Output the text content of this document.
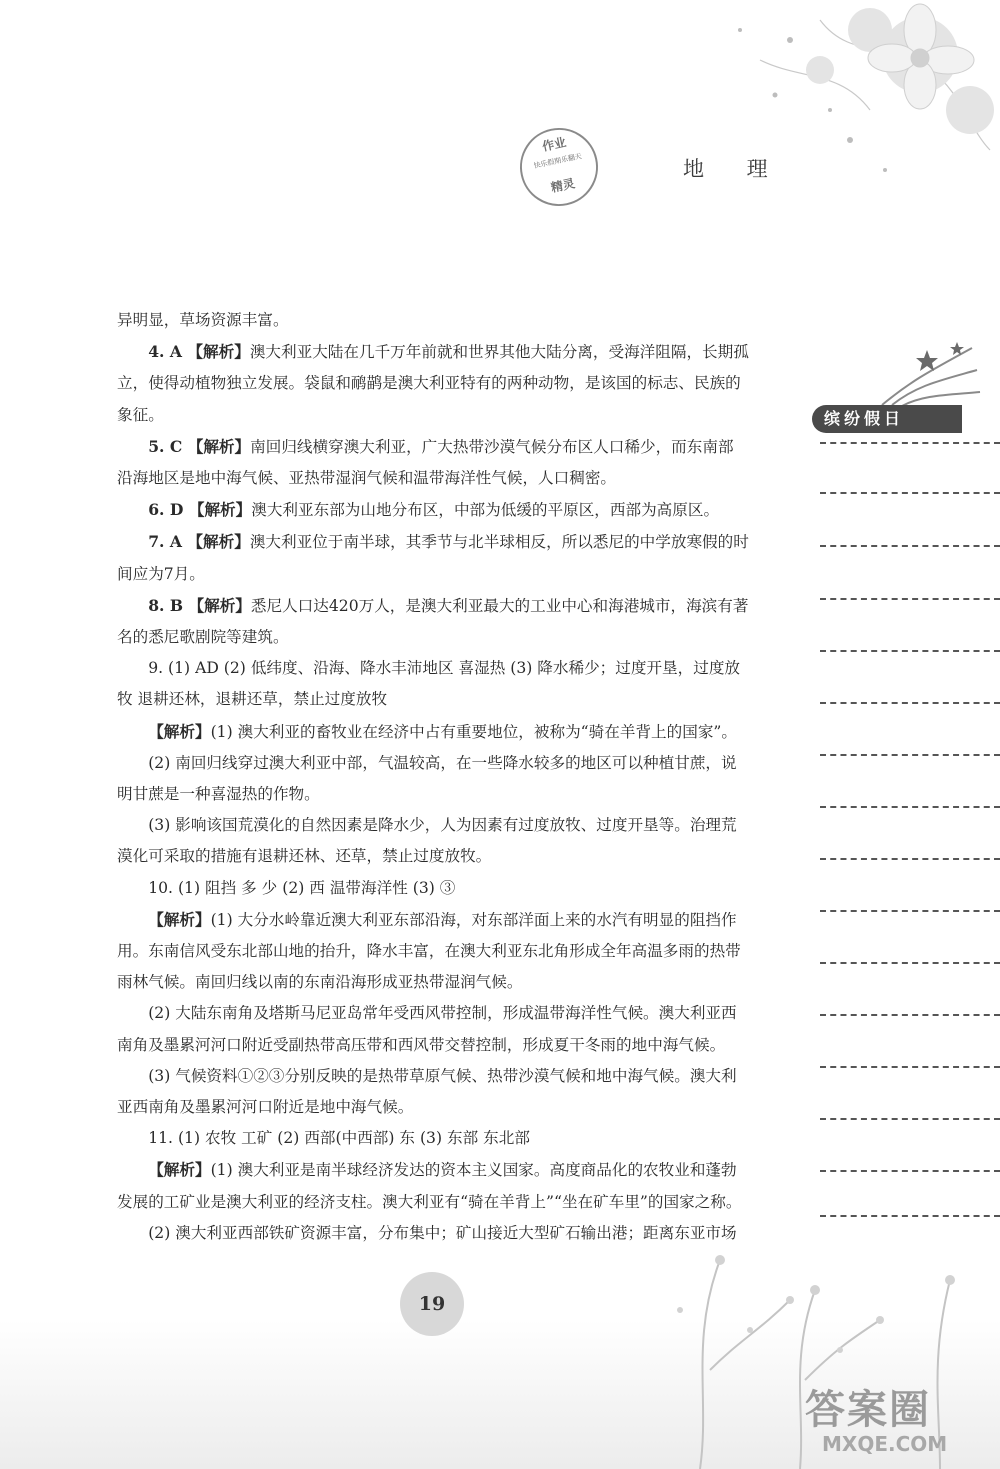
作业
快乐假期乐翻天
精灵
地 理
缤纷假日

异明显，草场资源丰富。

4. A 【解析】澳大利亚大陆在几千万年前就和世界其他大陆分离，受海洋阻隔，长期孤立，使得动植物独立发展。袋鼠和鸸鹋是澳大利亚特有的两种动物，是该国的标志、民族的象征。

5. C 【解析】南回归线横穿澳大利亚，广大热带沙漠气候分布区人口稀少，而东南部沿海地区是地中海气候、亚热带湿润气候和温带海洋性气候，人口稠密。

6. D 【解析】澳大利亚东部为山地分布区，中部为低缓的平原区，西部为高原区。

7. A 【解析】澳大利亚位于南半球，其季节与北半球相反，所以悉尼的中学放寒假的时间应为7月。

8. B 【解析】悉尼人口达420万人，是澳大利亚最大的工业中心和海港城市，海滨有著名的悉尼歌剧院等建筑。

9. (1) AD (2) 低纬度、沿海、降水丰沛地区 喜湿热 (3) 降水稀少；过度开垦，过度放牧 退耕还林，退耕还草，禁止过度放牧

【解析】(1) 澳大利亚的畜牧业在经济中占有重要地位，被称为“骑在羊背上的国家”。

(2) 南回归线穿过澳大利亚中部，气温较高，在一些降水较多的地区可以种植甘蔗，说明甘蔗是一种喜湿热的作物。

(3) 影响该国荒漠化的自然因素是降水少，人为因素有过度放牧、过度开垦等。治理荒漠化可采取的措施有退耕还林、还草，禁止过度放牧。

10. (1) 阻挡 多 少 (2) 西 温带海洋性 (3) ③

【解析】(1) 大分水岭靠近澳大利亚东部沿海，对东部洋面上来的水汽有明显的阻挡作用。东南信风受东北部山地的抬升，降水丰富，在澳大利亚东北角形成全年高温多雨的热带雨林气候。南回归线以南的东南沿海形成亚热带湿润气候。

(2) 大陆东南角及塔斯马尼亚岛常年受西风带控制，形成温带海洋性气候。澳大利亚西南角及墨累河河口附近受副热带高压带和西风带交替控制，形成夏干冬雨的地中海气候。

(3) 气候资料①②③分别反映的是热带草原气候、热带沙漠气候和地中海气候。澳大利亚西南角及墨累河河口附近是地中海气候。

11. (1) 农牧 工矿 (2) 西部(中西部) 东 (3) 东部 东北部

【解析】(1) 澳大利亚是南半球经济发达的资本主义国家。高度商品化的农牧业和蓬勃发展的工矿业是澳大利亚的经济支柱。澳大利亚有“骑在羊背上”“坐在矿车里”的国家之称。

(2) 澳大利亚西部铁矿资源丰富，分布集中；矿山接近大型矿石输出港；距离东亚市场

19
答案圈
MXQE.COM
